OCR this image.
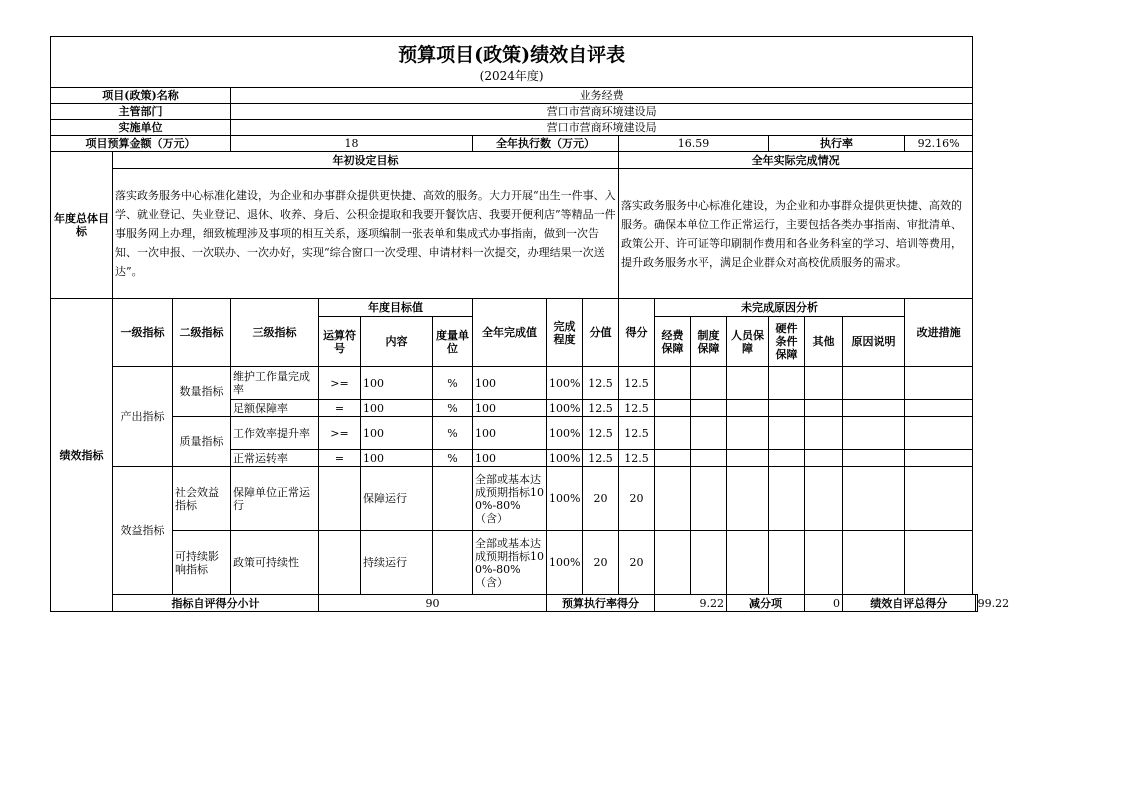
预算项目(政策)绩效自评表																		
(2024年度)																		
项目(政策)名称			业务经费															
主管部门			营口市营商环境建设局															
实施单位			营口市营商环境建设局															
项目预算金额（万元）			18				全年执行数（万元）			16.59				执行率			92.16%	
年度总体目标	年初设定目标									全年实际完成情况								
	落实政务服务中心标准化建设，为企业和办事群众提供更快捷、高效的服务。大力开展“出生一件事、入学、就业登记、失业登记、退休、收养、身后、公积金提取和我要开餐饮店、我要开便利店”等精品一件事服务网上办理，细致梳理涉及事项的相互关系，逐项编制一张表单和集成式办事指南，做到一次告知、一次申报、一次联办、一次办好，实现“综合窗口一次受理、申请材料一次提交，办理结果一次送达”。									落实政务服务中心标准化建设，为企业和办事群众提供更快捷、高效的服务。确保本单位工作正常运行，主要包括各类办事指南、审批清单、政策公开、许可证等印刷制作费用和各业务科室的学习、培训等费用，提升政务服务水平，满足企业群众对高校优质服务的需求。								
绩效指标	一级指标	二级指标	三级指标	年度目标值			全年完成值	完成程度	分值	得分	未完成原因分析						改进措施	
				运算符号	内容	度量单位					经费保障	制度保障	人员保障	硬件条件保障	其他	原因说明		
	产出指标	数量指标	维护工作量完成率	>=	100	%	100	100%	12.5	12.5								
			足额保障率	=	100	%	100	100%	12.5	12.5								
		质量指标	工作效率提升率	>=	100	%	100	100%	12.5	12.5								
			正常运转率	=	100	%	100	100%	12.5	12.5								
	效益指标	社会效益指标	保障单位正常运行		保障运行		全部或基本达成预期指标100%-80%（含）	100%	20	20								
		可持续影响指标	政策可持续性		持续运行		全部或基本达成预期指标100%-80%（含）	100%	20	20								
	指标自评得分小计			90				预算执行率得分			9.22		减分项		0	绩效自评总得分		99.22
